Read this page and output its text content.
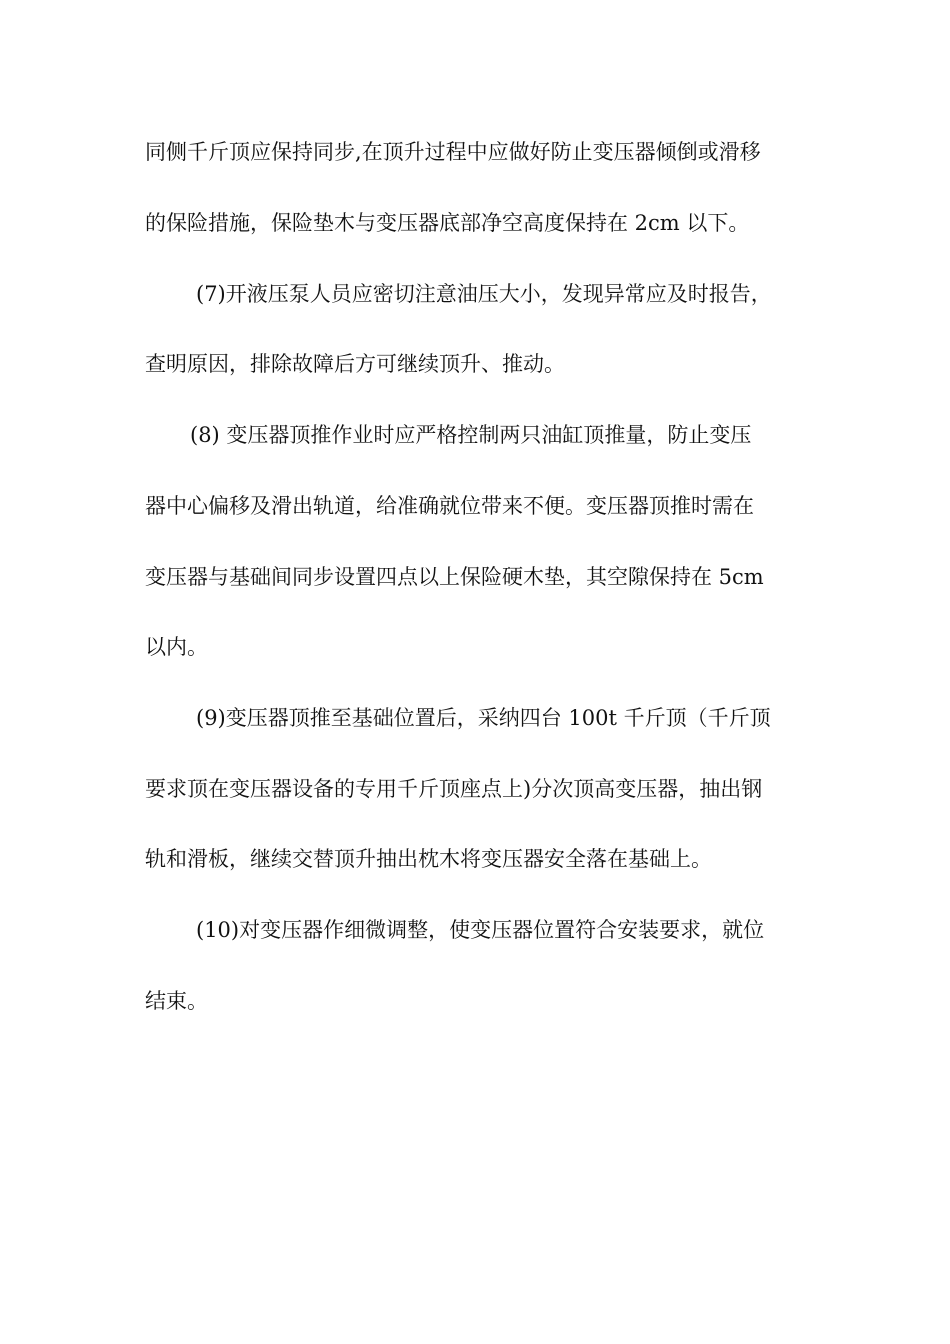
同侧千斤顶应保持同步,在顶升过程中应做好防止变压器倾倒或滑移
的保险措施，保险垫木与变压器底部净空高度保持在 2cm 以下。
(7)开液压泵人员应密切注意油压大小，发现异常应及时报告，
查明原因，排除故障后方可继续顶升、推动。
(8) 变压器顶推作业时应严格控制两只油缸顶推量，防止变压
器中心偏移及滑出轨道，给准确就位带来不便。变压器顶推时需在
变压器与基础间同步设置四点以上保险硬木垫，其空隙保持在 5cm
以内。
(9)变压器顶推至基础位置后，采纳四台 100t 千斤顶（千斤顶
要求顶在变压器设备的专用千斤顶座点上)分次顶高变压器，抽出钢
轨和滑板，继续交替顶升抽出枕木将变压器安全落在基础上。
(10)对变压器作细微调整，使变压器位置符合安装要求，就位
结束。
